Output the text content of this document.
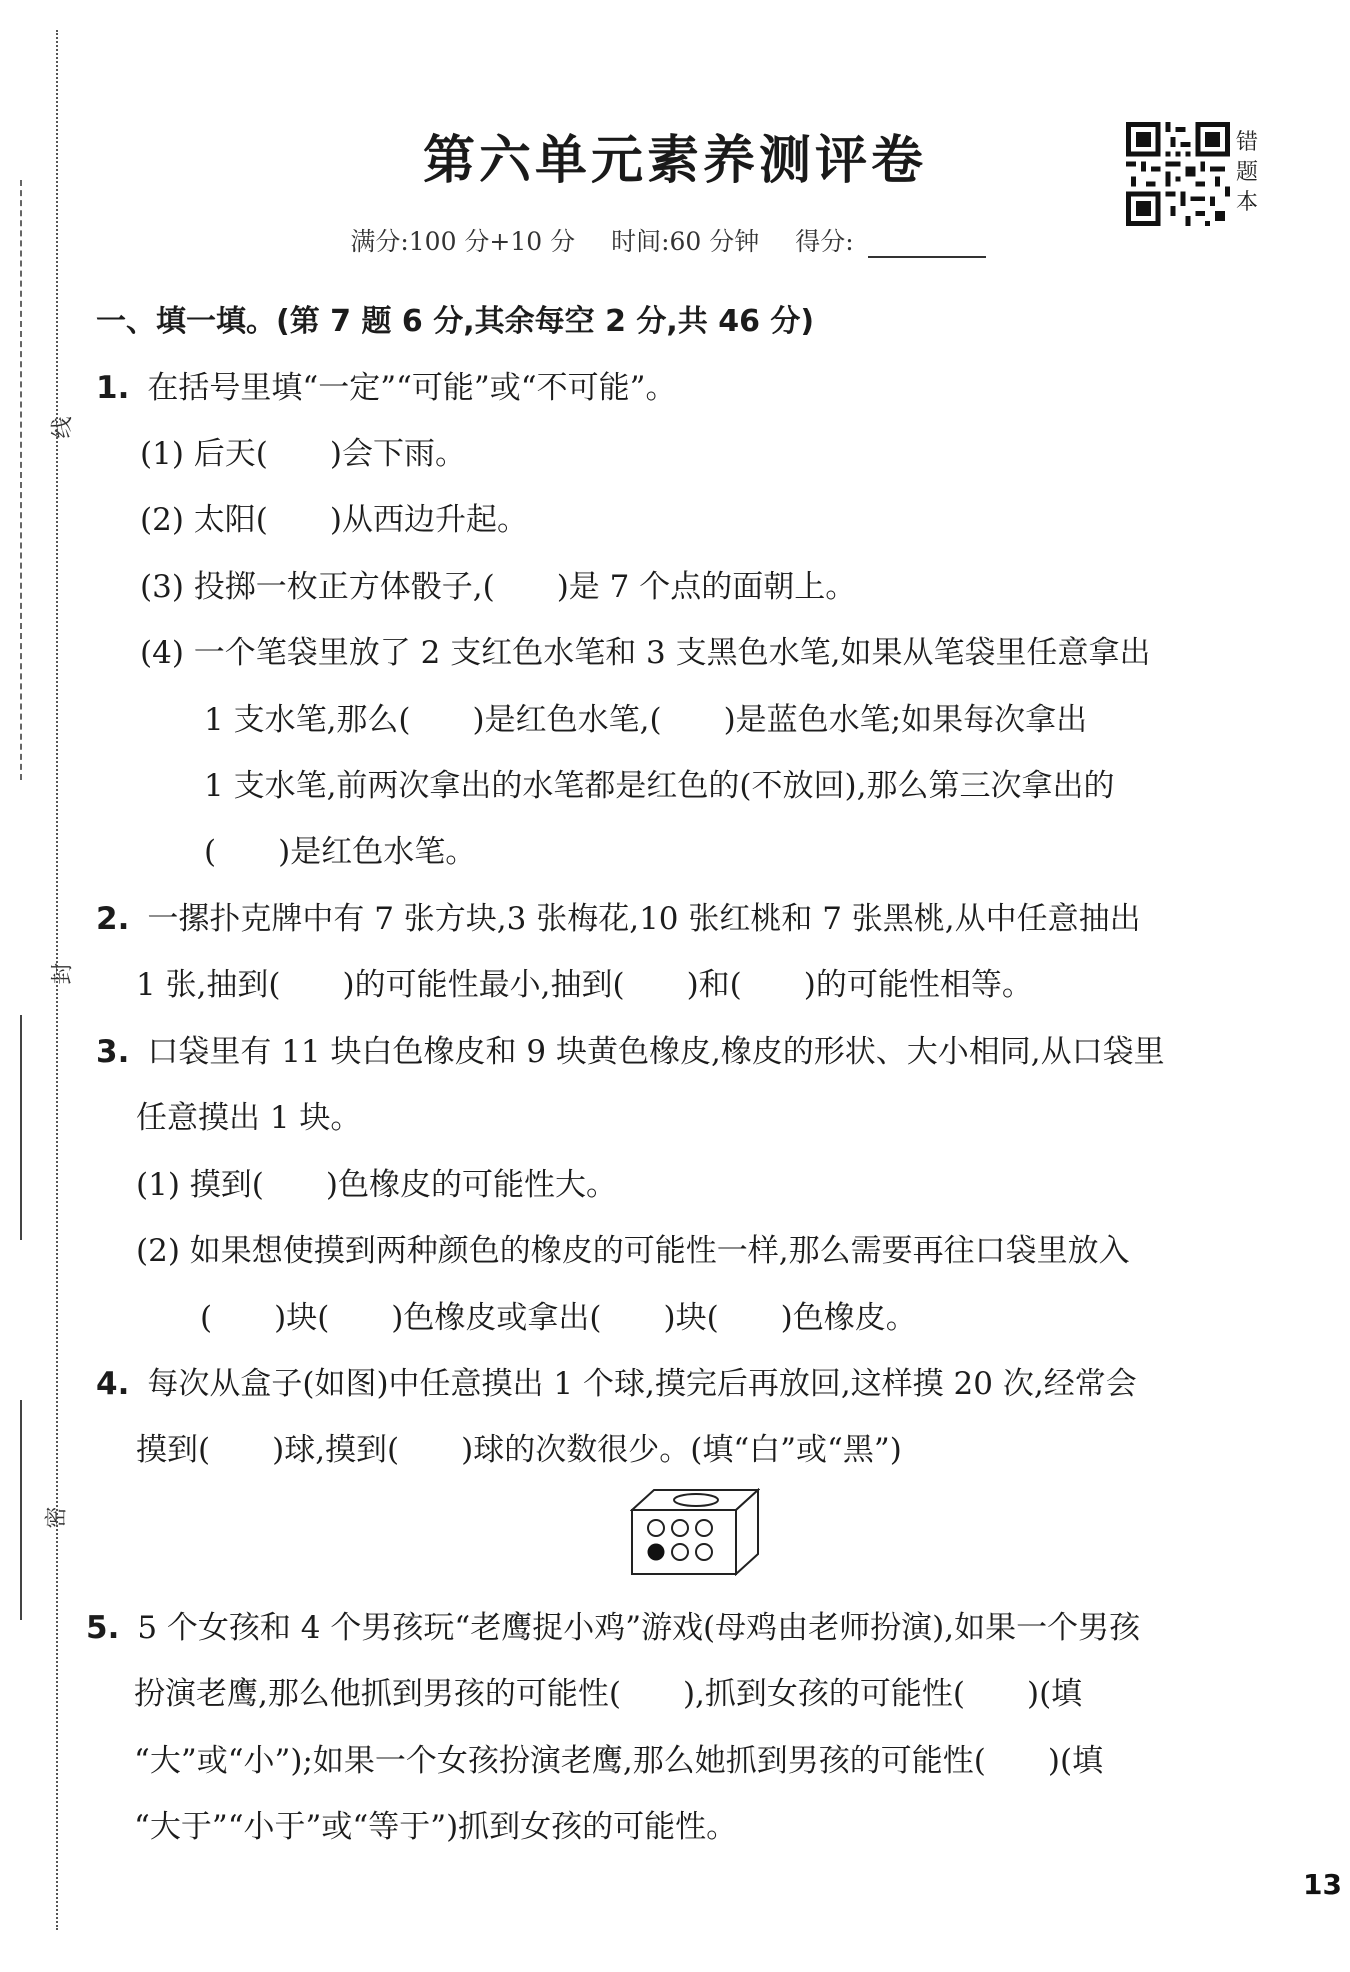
线
封
密
第六单元素养测评卷
满分:100 分+10 分 时间:60 分钟 得分:
错题本
一、填一填。(第 7 题 6 分,其余每空 2 分,共 46 分)
1. 在括号里填“一定”“可能”或“不可能”。
(1) 后天(　　)会下雨。
(2) 太阳(　　)从西边升起。
(3) 投掷一枚正方体骰子,(　　)是 7 个点的面朝上。
(4) 一个笔袋里放了 2 支红色水笔和 3 支黑色水笔,如果从笔袋里任意拿出
1 支水笔,那么(　　)是红色水笔,(　　)是蓝色水笔;如果每次拿出
1 支水笔,前两次拿出的水笔都是红色的(不放回),那么第三次拿出的
(　　)是红色水笔。
2. 一摞扑克牌中有 7 张方块,3 张梅花,10 张红桃和 7 张黑桃,从中任意抽出
1 张,抽到(　　)的可能性最小,抽到(　　)和(　　)的可能性相等。
3. 口袋里有 11 块白色橡皮和 9 块黄色橡皮,橡皮的形状、大小相同,从口袋里
任意摸出 1 块。
(1) 摸到(　　)色橡皮的可能性大。
(2) 如果想使摸到两种颜色的橡皮的可能性一样,那么需要再往口袋里放入
(　　)块(　　)色橡皮或拿出(　　)块(　　)色橡皮。
4. 每次从盒子(如图)中任意摸出 1 个球,摸完后再放回,这样摸 20 次,经常会
摸到(　　)球,摸到(　　)球的次数很少。(填“白”或“黑”)
5. 5 个女孩和 4 个男孩玩“老鹰捉小鸡”游戏(母鸡由老师扮演),如果一个男孩
扮演老鹰,那么他抓到男孩的可能性(　　),抓到女孩的可能性(　　)(填
“大”或“小”);如果一个女孩扮演老鹰,那么她抓到男孩的可能性(　　)(填
“大于”“小于”或“等于”)抓到女孩的可能性。
13
